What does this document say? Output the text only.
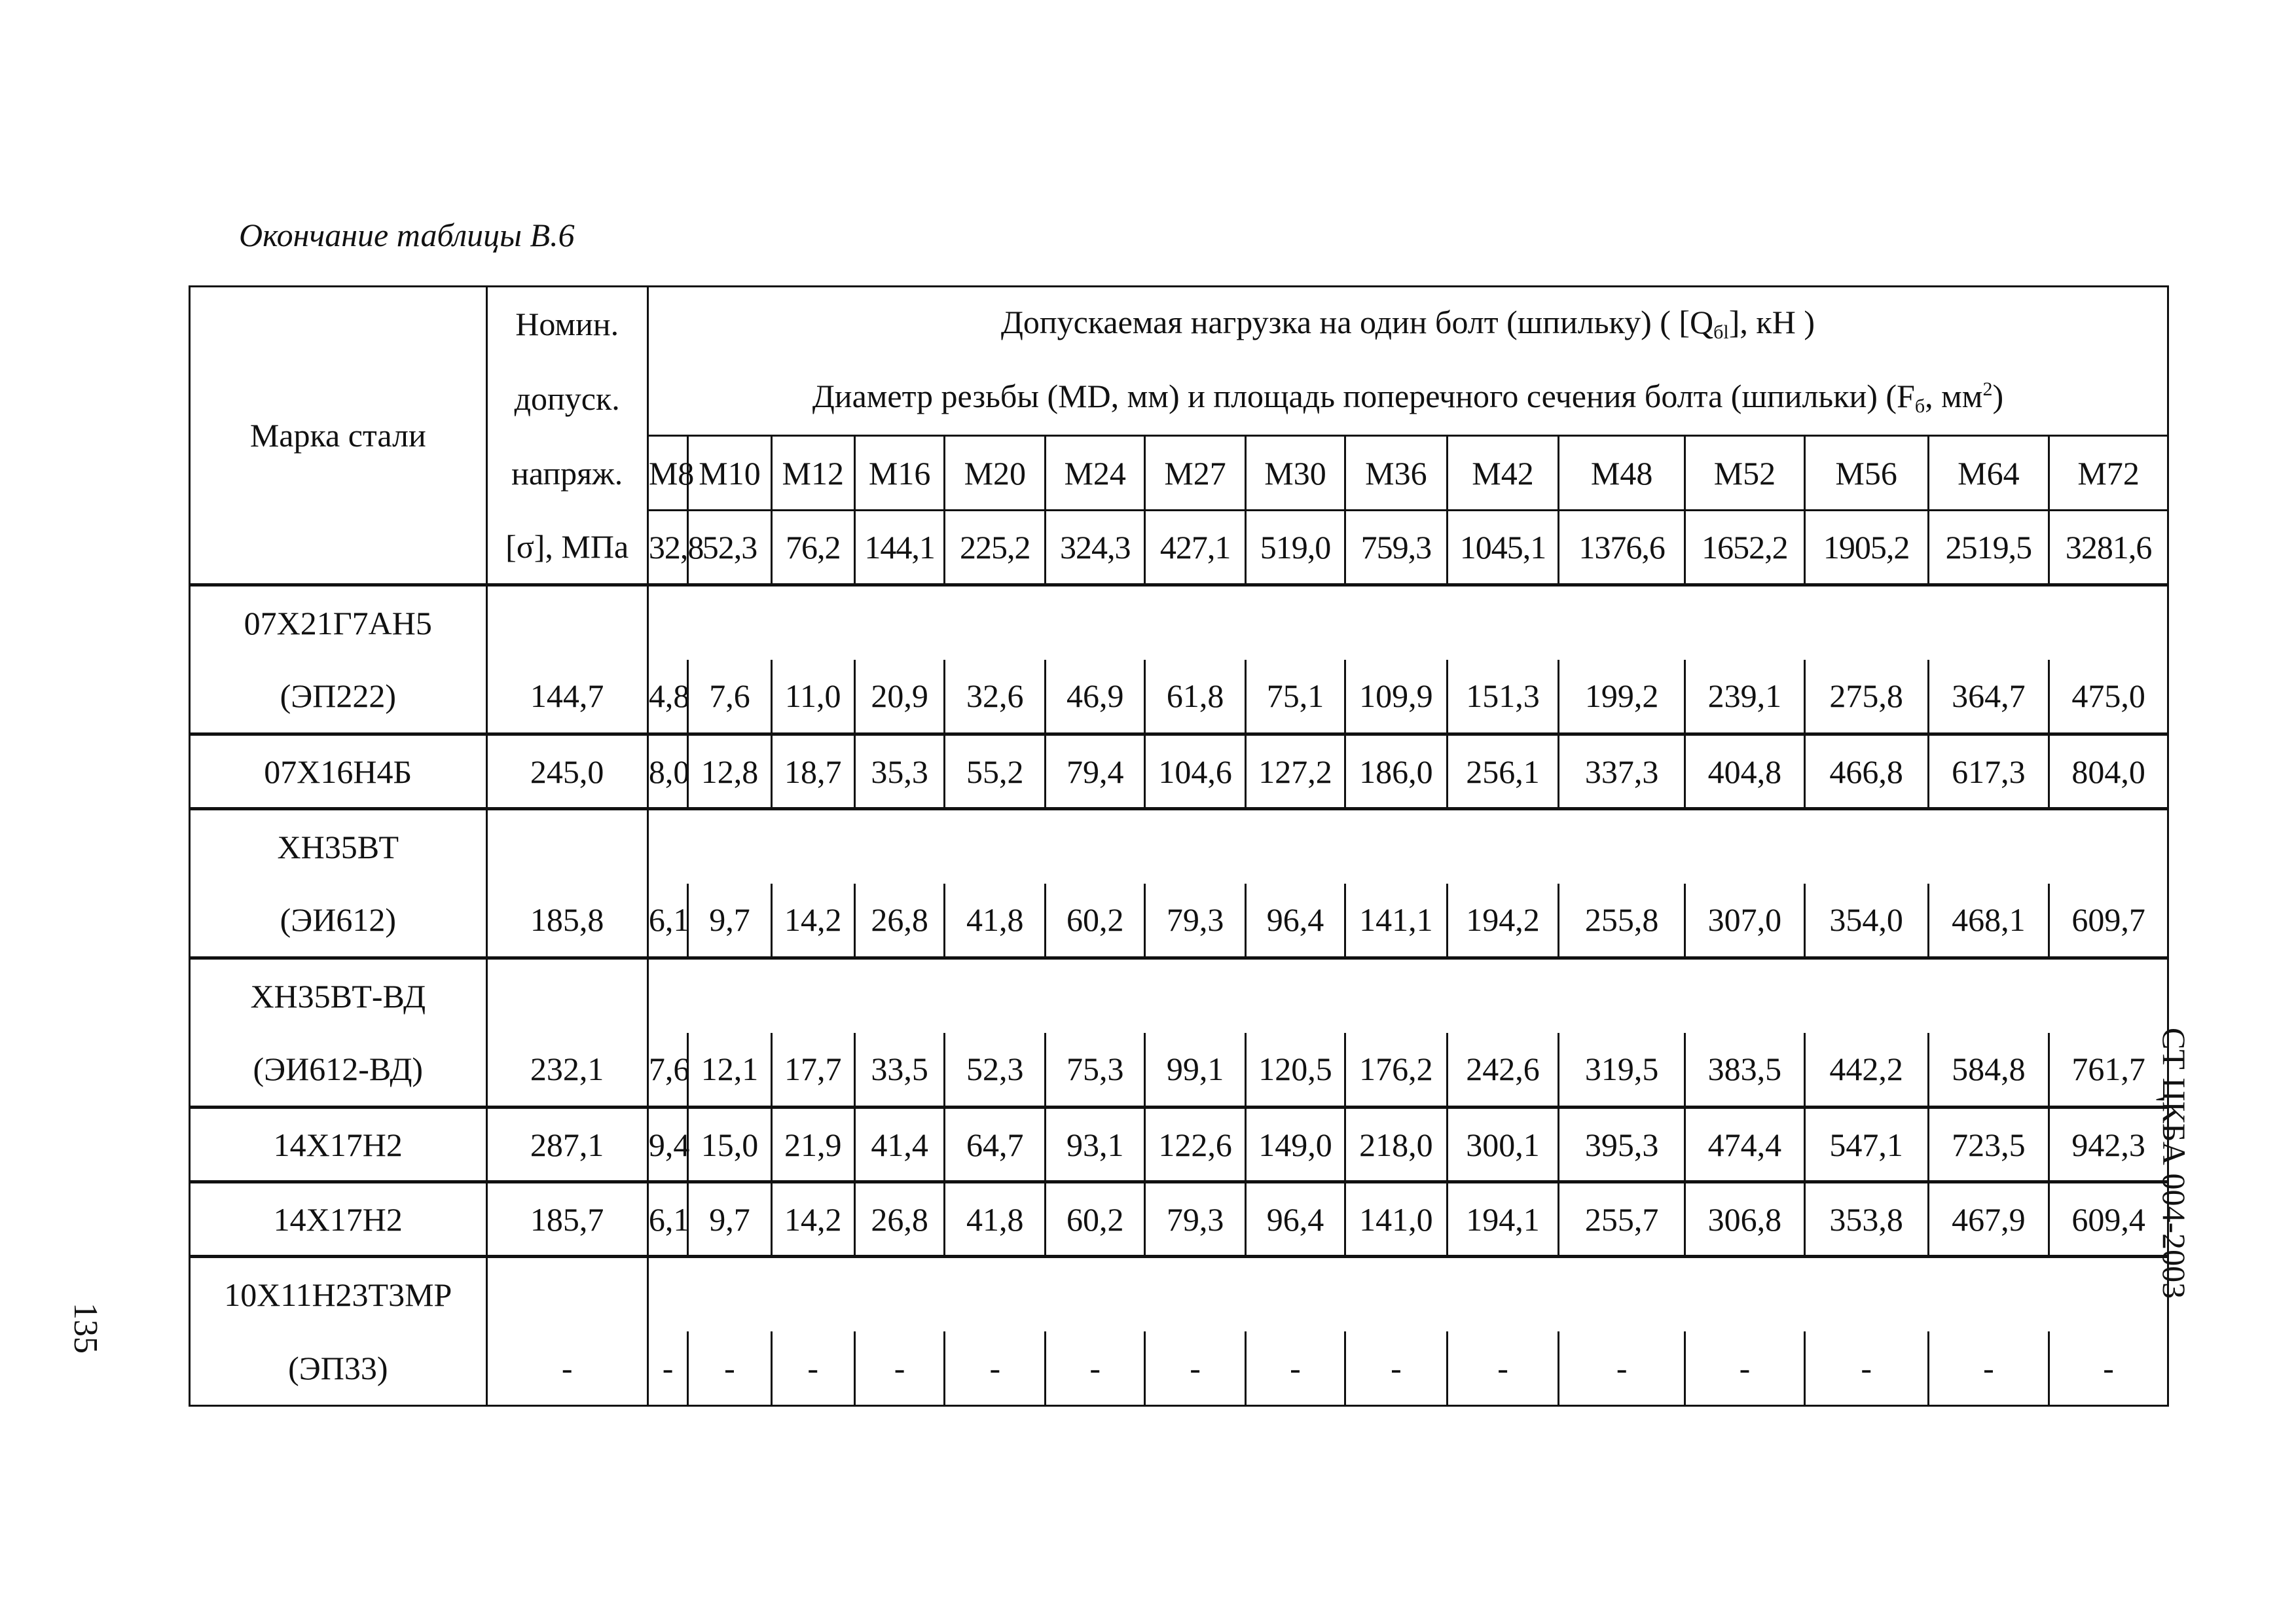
Окончание таблицы В.6
Марка стали	Номин.	Допускаемая нагрузка на один болт (шпильку) ( $[Q_{бl}]$, кН )														
	допуск.	Диаметр резьбы (MD, мм) и площадь поперечного сечения болта (шпильки) ($F_б$, $мм^2$)														
	напряж.	M8	M10	M12	M16	M20	M24	M27	M30	M36	M42	M48	M52	M56	M64	M72
	[σ], МПа	32,8	52,3	76,2	144,1	225,2	324,3	427,1	519,0	759,3	1045,1	1376,6	1652,2	1905,2	2519,5	3281,6
07Х21Г7АН5																
(ЭП222)	144,7	4,8	7,6	11,0	20,9	32,6	46,9	61,8	75,1	109,9	151,3	199,2	239,1	275,8	364,7	475,0
07Х16Н4Б	245,0	8,0	12,8	18,7	35,3	55,2	79,4	104,6	127,2	186,0	256,1	337,3	404,8	466,8	617,3	804,0
ХН35ВТ																
(ЭИ612)	185,8	6,1	9,7	14,2	26,8	41,8	60,2	79,3	96,4	141,1	194,2	255,8	307,0	354,0	468,1	609,7
ХН35ВТ-ВД																
(ЭИ612-ВД)	232,1	7,6	12,1	17,7	33,5	52,3	75,3	99,1	120,5	176,2	242,6	319,5	383,5	442,2	584,8	761,7
14Х17Н2	287,1	9,4	15,0	21,9	41,4	64,7	93,1	122,6	149,0	218,0	300,1	395,3	474,4	547,1	723,5	942,3
14Х17Н2	185,7	6,1	9,7	14,2	26,8	41,8	60,2	79,3	96,4	141,0	194,1	255,7	306,8	353,8	467,9	609,4
10Х11Н23Т3МР																
(ЭП33)	-	-	-	-	-	-	-	-	-	-	-	-	-	-	-	-
135
СТ ЦКБА 004-2003
